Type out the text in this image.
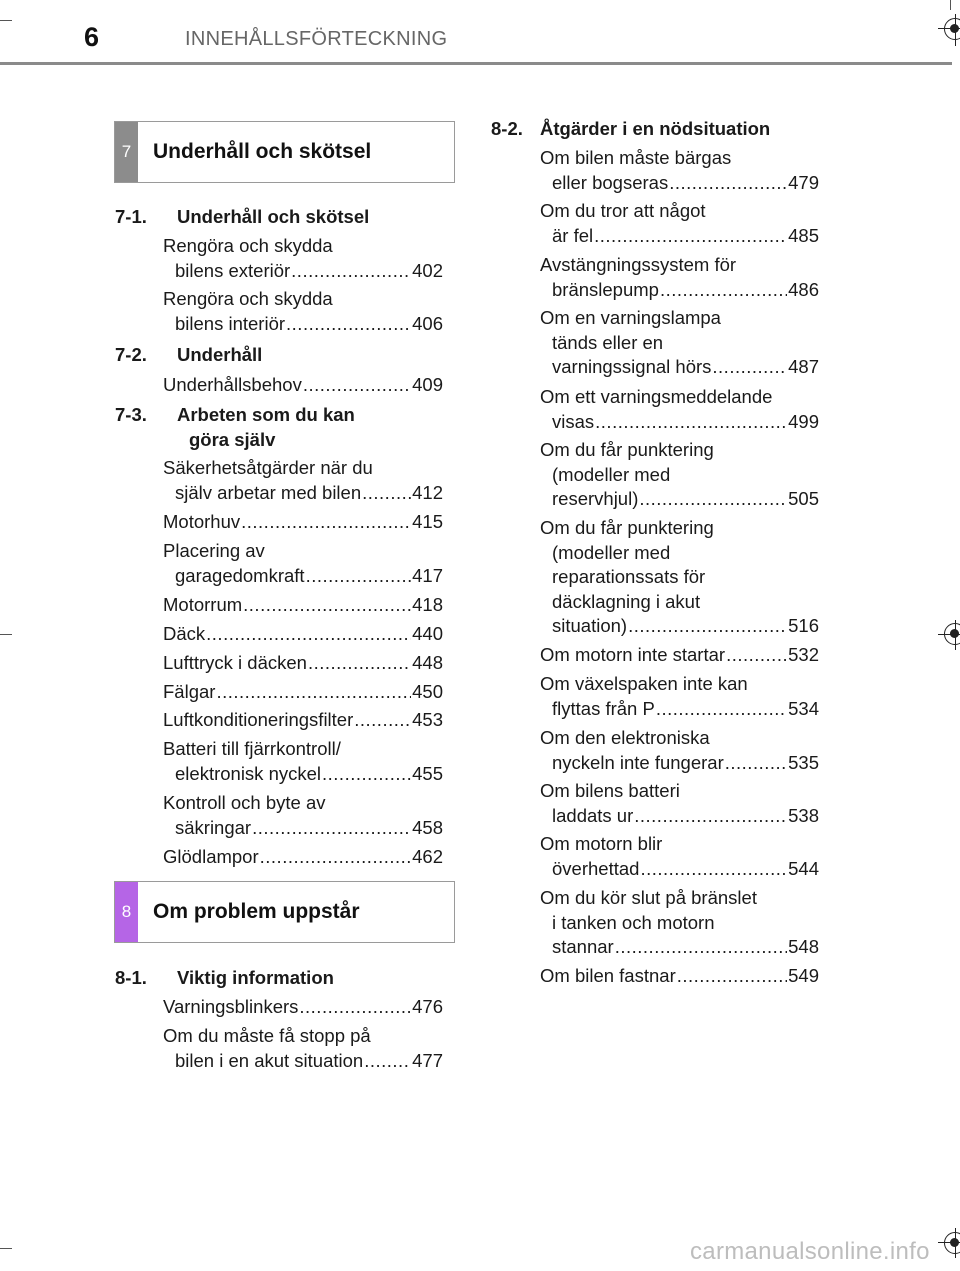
6	INNEHÅLLSFÖRTECKNING
7	Underhåll och skötsel
7-1. Underhåll och skötsel
Rengöra och skydda
bilens exteriör .....	402
Rengöra och skydda
bilens interiör .....	406
7-2. Underhåll
Underhållsbehov .....	409
7-3. Arbeten som du kan
göra själv
Säkerhetsåtgärder när du
själv arbetar med bilen .....	412
Motorhuv .....	415
Placering av
garagedomkraft .....	417
Motorrum .....	418
Däck .....	440
Lufttryck i däcken .....	448
Fälgar .....	450
Luftkonditioneringsfilter .....	453
Batteri till fjärrkontroll/
elektronisk nyckel .....	455
Kontroll och byte av
säkringar .....	458
Glödlampor .....	462
8	Om problem uppstår
8-1. Viktig information
Varningsblinkers .....	476
Om du måste få stopp på
bilen i en akut situation .....	477
8-2. Åtgärder i en nödsituation
Om bilen måste bärgas
eller bogseras .....	479
Om du tror att något
är fel .....	485
Avstängningssystem för
bränslepump .....	486
Om en varningslampa
tänds eller en
varningssignal hörs .....	487
Om ett varningsmeddelande
visas .....	499
Om du får punktering
(modeller med
reservhjul) .....	505
Om du får punktering
(modeller med
reparationssats för
däcklagning i akut
situation) .....	516
Om motorn inte startar .....	532
Om växelspaken inte kan
flyttas från P .....	534
Om den elektroniska
nyckeln inte fungerar .....	535
Om bilens batteri
laddats ur .....	538
Om motorn blir
överhettad .....	544
Om du kör slut på bränslet
i tanken och motorn
stannar .....	548
Om bilen fastnar .....	549
carmanualsonline.info
